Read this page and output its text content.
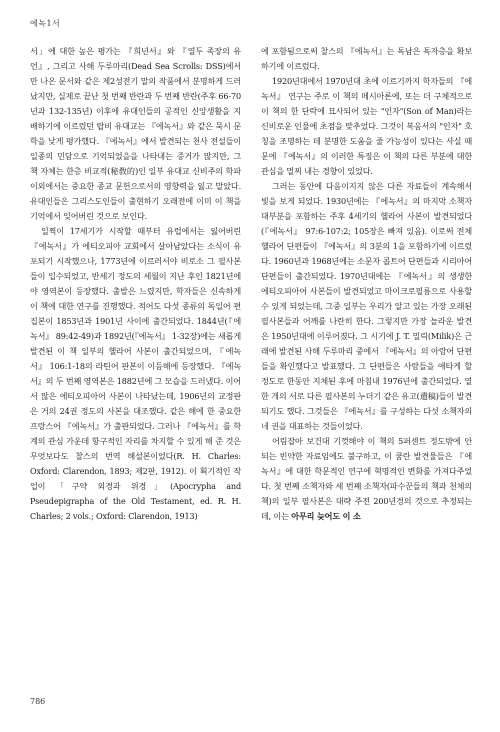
에녹1서

서」에 대한 높은 평가는 『희년서』와 『열두 족장의 유언』, 그리고 사해 두루마리(Dead Sea Scrolls: DSS)에서만 나온 문서와 같은 제2성전기 말의 작품에서 분명하게 드러났지만, 실제로 끝난 첫 번째 반란과 두 번째 반란(주후 66-70년과 132-135년) 이후에 유대인들의 공적인 신앙생활을 지배하기에 이르렀던 랍비 유대교는 『에녹서』와 같은 묵시 문학을 낮게 평가했다. 『에녹서』에서 발견되는 천사 전설들이 일종의 민담으로 기억되었을을 나타내는 증거가 많지만, 그 책 자체는 한층 비교적(秘敎的)인 일부 유대교 신비주의 학파 이외에서는 중요한 종교 문헌으로서의 영향력을 잃고 말았다. 유대인들은 그리스도인들이 출현하기 오래전에 이미 이 책을 기억에서 잊어버린 것으로 보인다.

일찍이 17세기가 시작할 때부터 유럽에서는 잃어버린 『에녹서』가 에티오피아 교회에서 살아남았다는 소식이 유포되기 시작했으나, 1773년에 이르러서야 비로소 그 필사본들이 입수되었고, 반세기 정도의 세월이 지난 후인 1821년에야 영역본이 등장했다. 출발은 느렸지만, 학자들은 신속하게 이 책에 대한 연구를 진행했다. 적어도 다섯 종류의 독일어 편집본이 1853년과 1901년 사이에 출간되었다. 1844년(『에녹서』 89:42-49)과 1892년(『에녹서』 1-32장)에는 새롭게 발견된 이 책 일부의 헬라어 사본이 출간되었으며, 『에녹서』 106:1-18의 라틴어 판본이 이듬해에 등장했다. 『에녹서』의 두 번째 영역본은 1882년에 그 모습을 드러냈다. 이어서 많은 에티오피아어 사본이 나타났는데, 1906년의 교정판은 거의 24권 정도의 사본을 대조했다. 같은 해에 한 중요한 프랑스어 『에녹서』가 출판되었다. 그러나 『에녹서』를 학계의 관심 가운데 항구적인 자리를 차지할 수 있게 해 준 것은 무엇보다도 찰스의 번역 해설본이었다(R. H. Charles: Oxford: Clarendon, 1893; 제2판, 1912). 이 획기적인 작업이 「구약 외경과 위경」(Apocrypha and Pseudepigrapha of the Old Testament, ed. R. H. Charles; 2 vols.; Oxford: Clarendon, 1913)

에 포함됨으로써 찰스의 『에녹서』는 독남은 독자층을 확보하기에 이르렀다.

1920년대에서 1970년대 초에 이르기까지 학자들의 『에녹서』 연구는 주로 이 책의 메시아론에, 또는 더 구체적으로 이 책의 한 단락에 묘사되어 있는 "인자"(Son of Man)라는 신비로운 인물에 초점을 맞추었다. 그것이 복음서의 "인자" 호칭을 조명하는 데 분명한 도움을 줄 가능성이 있다는 사실 때문에 『에녹서』의 이러한 특징은 이 책의 다른 부분에 대한 관심을 멀찌 내는 경향이 있었다.

그러는 동안에 다음이지지 않은 다른 자료들이 계속해서 빛을 보게 되었다. 1930년에는 『에녹서』의 마지막 소책자 대부분을 포함하는 주후 4세기의 헬라어 사본이 발견되었다(『에녹서』 97:6-107:2; 105장은 빠져 있음). 이로써 전체 헬라어 단편들이 『에녹서』의 3분의 1을 포함하기에 이르렀다. 1960년과 1968년에는 소문자 콥트어 단편들과 시리아어 단편들이 출간되었다. 1970년대에는 『에녹서』의 생생한 에티오피아어 사본들이 발견되었고 마이크로필름으로 사용할 수 있게 되었는데, 그중 일부는 우리가 알고 있는 가장 오래된 필사본들과 어깨를 나란히 한다. 그렇지만 가장 놀라운 발견은 1950년대에 이루어졌다. 그 시기에 J. T. 밀릭(Milik)은 근래에 발견된 사해 두루마리 중에서 『에녹서』의 아람어 단편들을 확인했다고 발표했다. 그 단편들은 사람들을 애타게 할 정도로 한동안 지체된 후에 마침내 1976년에 출간되었다. 열한 개의 서로 다른 필사본의 누더기 같은 유고(遺稿)들이 발견되기도 했다. 그것들은 『에녹서』를 구성하는 다섯 소책자의 네 권을 대표하는 것들이었다.

어림잡아 보건대 기껏해야 이 책의 5퍼센트 정도밖에 안 되는 빈약한 자료임에도 불구하고, 이 쿰란 발견물들은 『에녹서』에 대한 학문적인 연구에 혁명적인 변화를 가져다주었다. 첫 번째 소책자와 세 번째 소책자(파수꾼들의 책과 천체의 책)의 일부 필사본은 대략 주전 200년경의 것으로 추정되는데, 이는 아무리 늦어도 이 소

786
